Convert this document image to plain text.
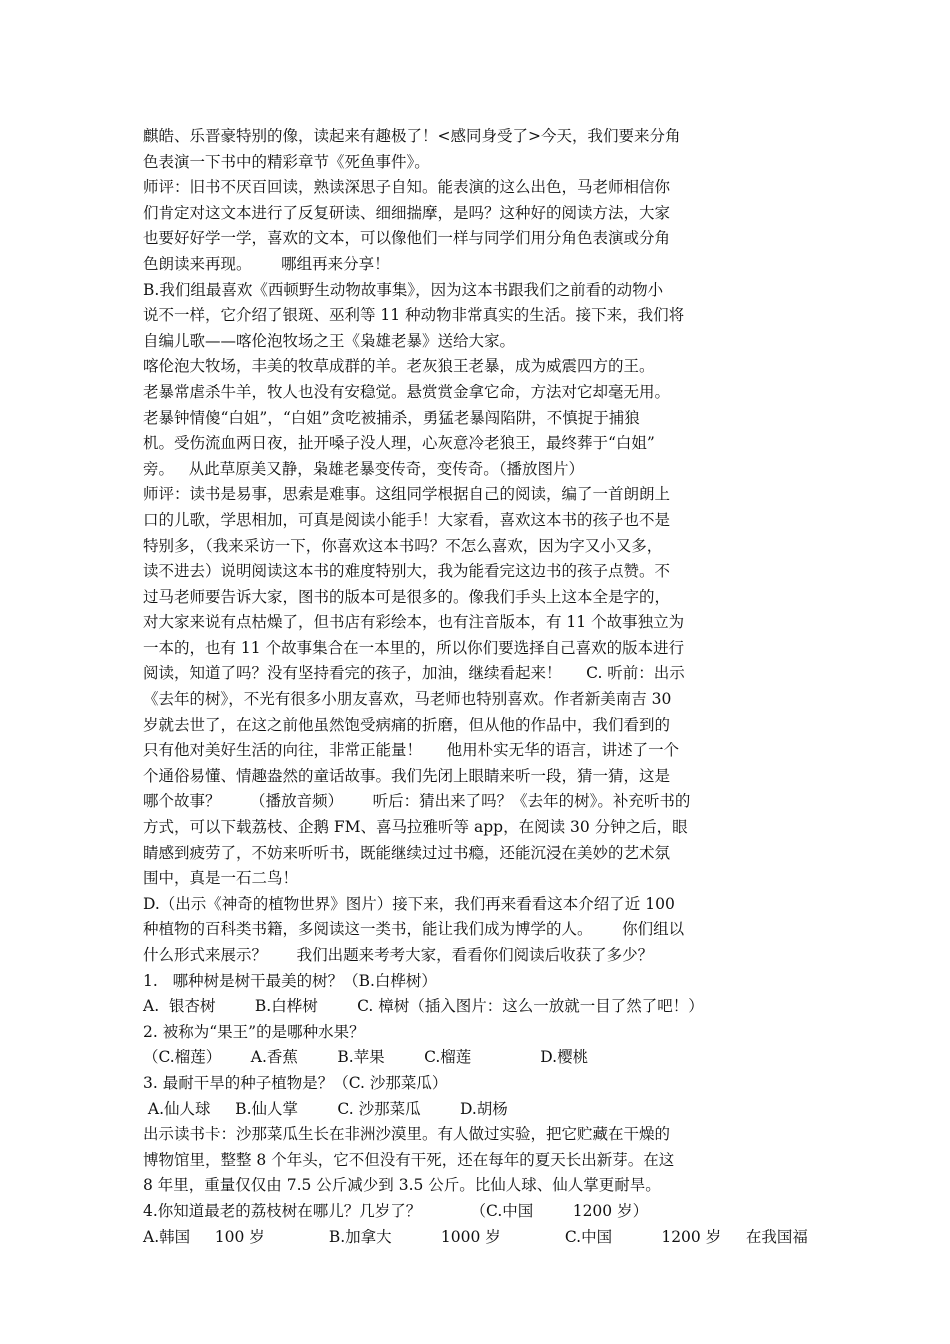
麒皓、乐晋豪特别的像，读起来有趣极了！<感同身受了>今天，我们要来分角
色表演一下书中的精彩章节《死鱼事件》。
师评：旧书不厌百回读，熟读深思子自知。能表演的这么出色，马老师相信你
们肯定对这文本进行了反复研读、细细揣摩，是吗？这种好的阅读方法，大家
也要好好学一学，喜欢的文本，可以像他们一样与同学们用分角色表演或分角
色朗读来再现。      哪组再来分享！
B.我们组最喜欢《西顿野生动物故事集》，因为这本书跟我们之前看的动物小
说不一样，它介绍了银斑、巫利等 11 种动物非常真实的生活。接下来，我们将
自编儿歌——喀伦泡牧场之王《枭雄老暴》送给大家。
喀伦泡大牧场，丰美的牧草成群的羊。老灰狼王老暴，成为威震四方的王。
老暴常虐杀牛羊，牧人也没有安稳觉。悬赏赏金拿它命，方法对它却毫无用。
老暴钟情傻“白姐”，“白姐”贪吃被捕杀，勇猛老暴闯陷阱，不慎捉于捕狼
机。受伤流血两日夜，扯开嗓子没人理，心灰意冷老狼王，最终葬于“白姐”
旁。   从此草原美又静，枭雄老暴变传奇，变传奇。（播放图片）
师评：读书是易事，思索是难事。这组同学根据自己的阅读，编了一首朗朗上
口的儿歌，学思相加，可真是阅读小能手！大家看，喜欢这本书的孩子也不是
特别多，（我来采访一下，你喜欢这本书吗？不怎么喜欢，因为字又小又多，
读不进去）说明阅读这本书的难度特别大，我为能看完这边书的孩子点赞。不
过马老师要告诉大家，图书的版本可是很多的。像我们手头上这本全是字的，
对大家来说有点枯燥了，但书店有彩绘本，也有注音版本，有 11 个故事独立为
一本的，也有 11 个故事集合在一本里的，所以你们要选择自己喜欢的版本进行
阅读，知道了吗？没有坚持看完的孩子，加油，继续看起来！     C. 听前：出示
《去年的树》，不光有很多小朋友喜欢，马老师也特别喜欢。作者新美南吉 30
岁就去世了，在这之前他虽然饱受病痛的折磨，但从他的作品中，我们看到的
只有他对美好生活的向往，非常正能量！     他用朴实无华的语言，讲述了一个
个通俗易懂、情趣盎然的童话故事。我们先闭上眼睛来听一段，猜一猜，这是
哪个故事？      （播放音频）      听后：猜出来了吗？《去年的树》。补充听书的
方式，可以下载荔枝、企鹅 FM、喜马拉雅听等 app，在阅读 30 分钟之后，眼
睛感到疲劳了，不妨来听听书，既能继续过过书瘾，还能沉浸在美妙的艺术氛
围中，真是一石二鸟！
D.（出示《神奇的植物世界》图片）接下来，我们再来看看这本介绍了近 100
种植物的百科类书籍，多阅读这一类书，能让我们成为博学的人。      你们组以
什么形式来展示？      我们出题来考考大家，看看你们阅读后收获了多少？
1.   哪种树是树干最美的树？（B.白桦树）
A.  银杏树        B.白桦树        C. 樟树（插入图片：这么一放就一目了然了吧！）
2. 被称为“果王”的是哪种水果？
（C.榴莲）      A.香蕉        B.苹果        C.榴莲              D.樱桃
3. 最耐干旱的种子植物是？（C. 沙那菜瓜）
A.仙人球     B.仙人掌        C. 沙那菜瓜        D.胡杨
出示读书卡：沙那菜瓜生长在非洲沙漠里。有人做过实验，把它贮藏在干燥的
博物馆里，整整 8 个年头，它不但没有干死，还在每年的夏天长出新芽。在这
8 年里，重量仅仅由 7.5 公斤减少到 3.5 公斤。比仙人球、仙人掌更耐旱。
4.你知道最老的荔枝树在哪儿？几岁了？          （C.中国        1200 岁）
A.韩国     100 岁             B.加拿大          1000 岁             C.中国          1200 岁     在我国福
